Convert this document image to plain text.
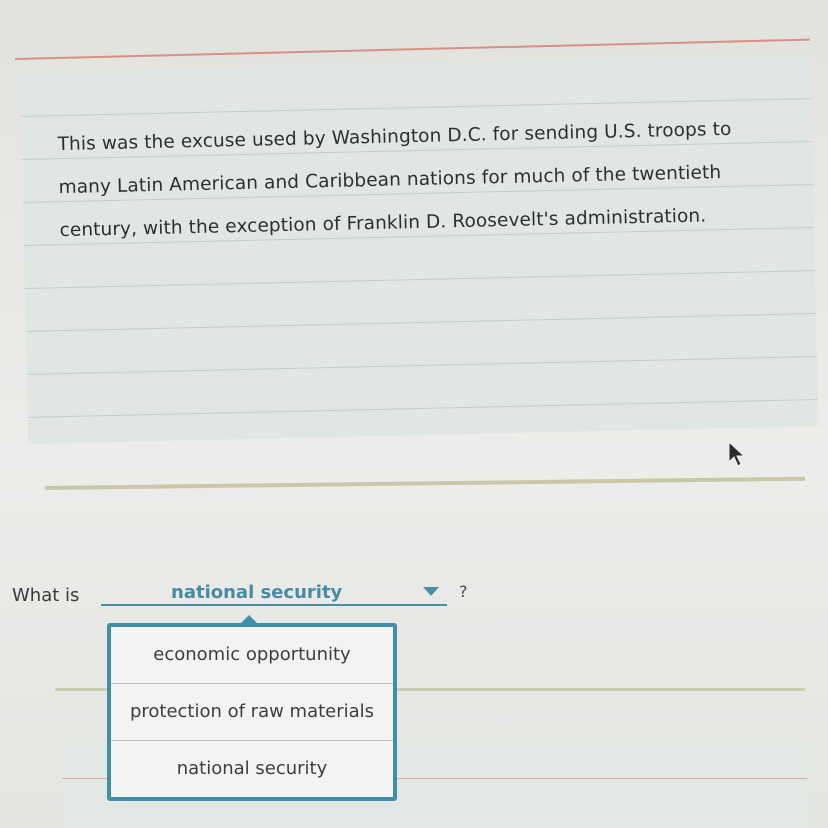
This was the excuse used by Washington D.C. for sending U.S. troops to many Latin American and Caribbean nations for much of the twentieth century, with the exception of Franklin D. Roosevelt's administration.
What is	national security	?
economic opportunity
protection of raw materials
national security
